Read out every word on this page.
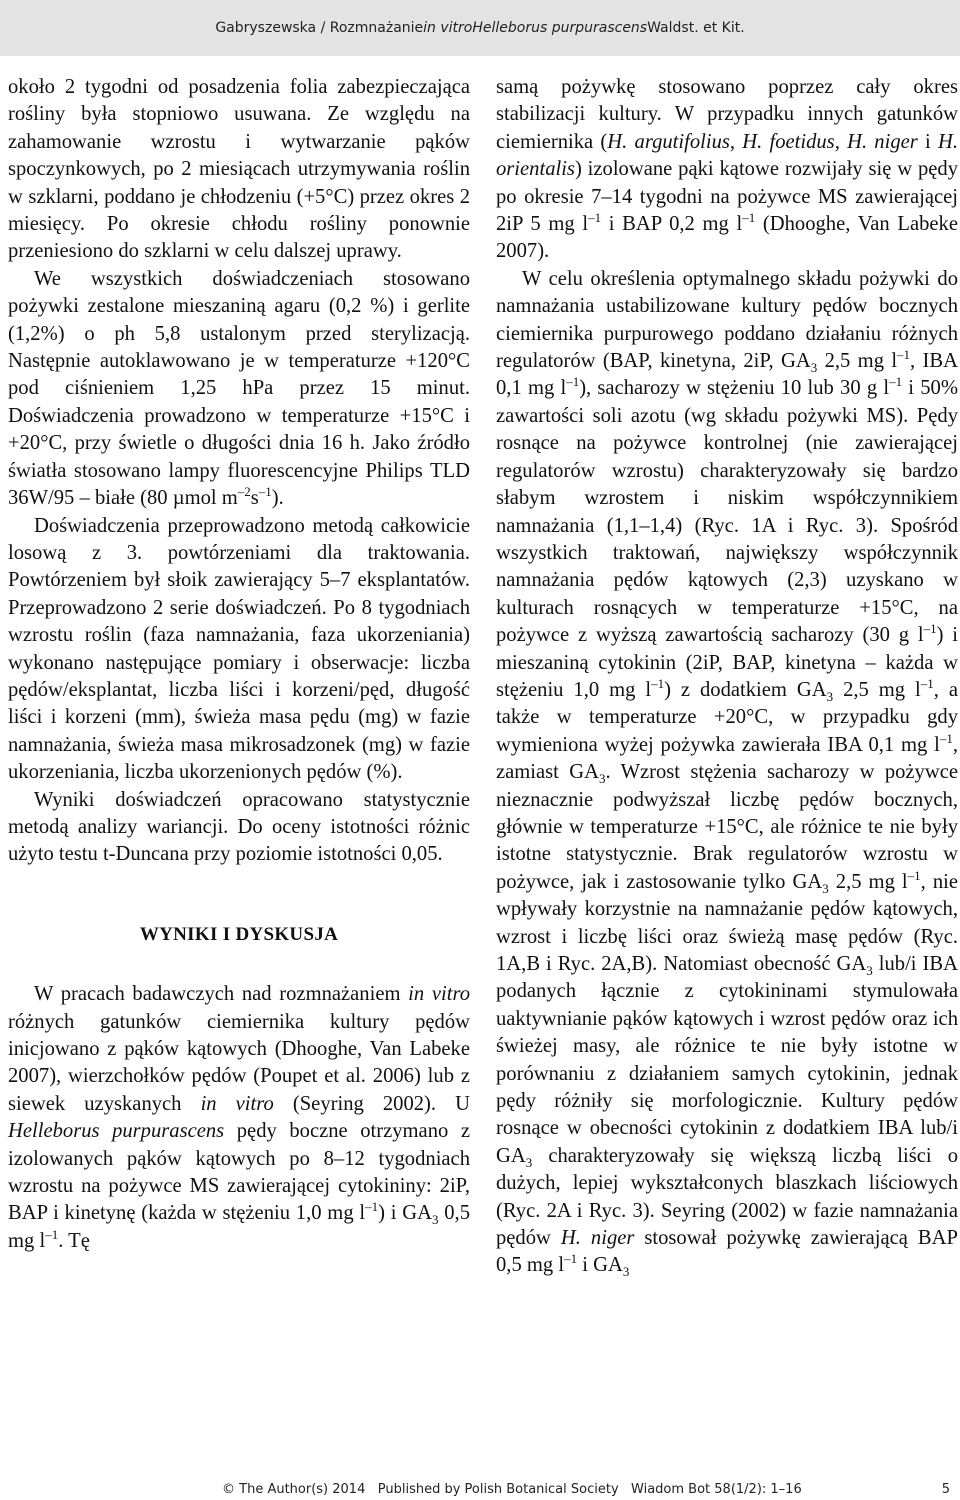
Gabryszewska / Rozmnażanie in vitro Helleborus purpurascens Waldst. et Kit.

około 2 tygodni od posadzenia folia zabezpieczająca rośliny była stopniowo usuwana. Ze względu na zahamowanie wzrostu i wytwarzanie pąków spoczynkowych, po 2 miesiącach utrzymywania roślin w szklarni, poddano je chłodzeniu (+5°C) przez okres 2 miesięcy. Po okresie chłodu rośliny ponownie przeniesiono do szklarni w celu dalszej uprawy.

We wszystkich doświadczeniach stosowano pożywki zestalone mieszaniną agaru (0,2 %) i gerlite (1,2%) o ph 5,8 ustalonym przed sterylizacją. Następnie autoklawowano je w temperaturze +120°C pod ciśnieniem 1,25 hPa przez 15 minut. Doświadczenia prowadzono w temperaturze +15°C i +20°C, przy świetle o długości dnia 16 h. Jako źródło światła stosowano lampy fluorescencyjne Philips TLD 36W/95 – białe (80 µmol $m^{-2}s^{-1}$).

Doświadczenia przeprowadzono metodą całkowicie losową z 3. powtórzeniami dla traktowania. Powtórzeniem był słoik zawierający 5–7 eksplantatów. Przeprowadzono 2 serie doświadczeń. Po 8 tygodniach wzrostu roślin (faza namnażania, faza ukorzeniania) wykonano następujące pomiary i obserwacje: liczba pędów/eksplantat, liczba liści i korzeni/pęd, długość liści i korzeni (mm), świeża masa pędu (mg) w fazie namnażania, świeża masa mikrosadzonek (mg) w fazie ukorzeniania, liczba ukorzenionych pędów (%).

Wyniki doświadczeń opracowano statystycznie metodą analizy wariancji. Do oceny istotności różnic użyto testu t-Duncana przy poziomie istotności 0,05.

WYNIKI I DYSKUSJA

W pracach badawczych nad rozmnażaniem in vitro różnych gatunków ciemiernika kultury pędów inicjowano z pąków kątowych (Dhooghe, Van Labeke 2007), wierzchołków pędów (Poupet et al. 2006) lub z siewek uzyskanych in vitro (Seyring 2002). U Helleborus purpurascens pędy boczne otrzymano z izolowanych pąków kątowych po 8–12 tygodniach wzrostu na pożywce MS zawierającej cytokininy: 2iP, BAP i kinetynę (każda w stężeniu 1,0 mg $l^{-1}$) i $GA_3$ 0,5 mg $l^{-1}$. Tę

samą pożywkę stosowano poprzez cały okres stabilizacji kultury. W przypadku innych gatunków ciemiernika (H. argutifolius, H. foetidus, H. niger i H. orientalis) izolowane pąki kątowe rozwijały się w pędy po okresie 7–14 tygodni na pożywce MS zawierającej 2iP 5 mg $l^{-1}$ i BAP 0,2 mg $l^{-1}$ (Dhooghe, Van Labeke 2007).

W celu określenia optymalnego składu pożywki do namnażania ustabilizowane kultury pędów bocznych ciemiernika purpurowego poddano działaniu różnych regulatorów (BAP, kinetyna, 2iP, $GA_3$ 2,5 mg $l^{-1}$, IBA 0,1 mg $l^{-1}$), sacharozy w stężeniu 10 lub 30 g $l^{-1}$ i 50% zawartości soli azotu (wg składu pożywki MS). Pędy rosnące na pożywce kontrolnej (nie zawierającej regulatorów wzrostu) charakteryzowały się bardzo słabym wzrostem i niskim współczynnikiem namnażania (1,1–1,4) (Ryc. 1A i Ryc. 3). Spośród wszystkich traktowań, największy współczynnik namnażania pędów kątowych (2,3) uzyskano w kulturach rosnących w temperaturze +15°C, na pożywce z wyższą zawartością sacharozy (30 g $l^{-1}$) i mieszaniną cytokinin (2iP, BAP, kinetyna – każda w stężeniu 1,0 mg $l^{-1}$) z dodatkiem $GA_3$ 2,5 mg $l^{-1}$, a także w temperaturze +20°C, w przypadku gdy wymieniona wyżej pożywka zawierała IBA 0,1 mg $l^{-1}$, zamiast $GA_3$. Wzrost stężenia sacharozy w pożywce nieznacznie podwyższał liczbę pędów bocznych, głównie w temperaturze +15°C, ale różnice te nie były istotne statystycznie. Brak regulatorów wzrostu w pożywce, jak i zastosowanie tylko $GA_3$ 2,5 mg $l^{-1}$, nie wpływały korzystnie na namnażanie pędów kątowych, wzrost i liczbę liści oraz świeżą masę pędów (Ryc. 1A,B i Ryc. 2A,B). Natomiast obecność $GA_3$ lub/i IBA podanych łącznie z cytokininami stymulowała uaktywnianie pąków kątowych i wzrost pędów oraz ich świeżej masy, ale różnice te nie były istotne w porównaniu z działaniem samych cytokinin, jednak pędy różniły się morfologicznie. Kultury pędów rosnące w obecności cytokinin z dodatkiem IBA lub/i $GA_3$ charakteryzowały się większą liczbą liści o dużych, lepiej wykształconych blaszkach liściowych (Ryc. 2A i Ryc. 3). Seyring (2002) w fazie namnażania pędów H. niger stosował pożywkę zawierającą BAP 0,5 mg $l^{-1}$ i $GA_3$

© The Author(s) 2014   Published by Polish Botanical Society   Wiadom Bot 58(1/2): 1–16	5
